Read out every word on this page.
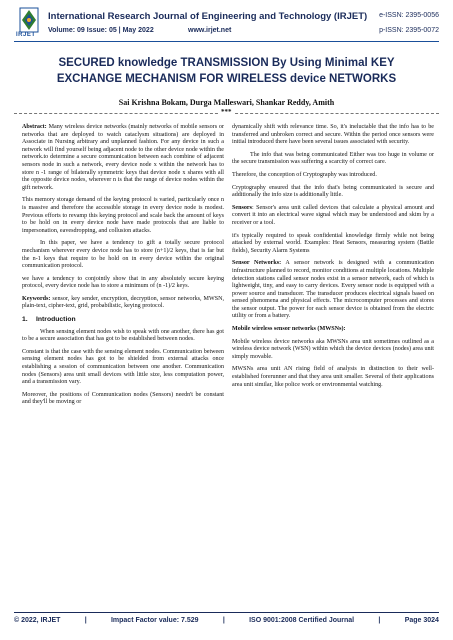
IRJET
International Research Journal of Engineering and Technology (IRJET)
Volume: 09 Issue: 05 | May 2022	www.irjet.net
e-ISSN: 2395-0056
p-ISSN: 2395-0072
SECURED knowledge TRANSMISSION By Using Minimal KEY
EXCHANGE MECHANISM FOR WIRELESS device NETWORKS
Sai Krishna Bokam, Durga Malleswari, Shankar Reddy, Amith
***

Abstract: Many wireless device networks (mainly networks of mobile sensors or networks that are deployed to watch cataclysm situations) are deployed in Associate in Nursing arbitrary and unplanned fashion. For any device in such a network will find yourself being adjacent node to the other device node within the network.to determine a secure communication between each combine of adjacent sensors node in such a network, every device node x within the network has to store n -1 range of bilaterally symmetric keys that device node x shares with all the opposite device nodes, wherever n is that the range of device nodes within the gift network.

This memory storage demand of the keying protocol is varied, particularly once n is massive and therefore the accessible storage in every device node is modest. Previous efforts to revamp this keying protocol and scale back the amount of keys to be hold on in every device node have made protocols that are liable to impersonation, eavesdropping, and collusion attacks.

In this paper, we have a tendency to gift a totally secure protocol mechanism wherever every device node has to store (n+1)/2 keys, that is far but the n-1 keys that require to be hold on in every device within the original communication protocol.

we have a tendency to conjointly show that in any absolutely secure keying protocol, every device node has to store a minimum of (n -1)/2 keys.

Keywords: sensor, key sender, encryption, decryption, sensor networks, MWSN, plain-text, cipher-text, grid, probabilistic, keying protocol.

1. Introduction

When sensing element nodes wish to speak with one another, there has got to be a secure association that has got to be established between nodes.

Constant is that the case with the sensing element nodes. Communication between sensing element nodes has got to be shielded from external attacks once establishing a session of communication between one another. Communication nodes (Sensors) area unit small devices with little size, less computation power, and a transmission vary.

Moreover, the positions of Communication nodes (Sensors) needn't be constant and they'll be moving or

dynamically shift with relevance time. So, it's ineluctable that the info has to be transferred and unbroken correct and secure. Within the period once sensors were initial introduced there have been several issues associated with security.

The info that was being communicated Either was too huge in volume or the secure transmission was suffering a scarcity of correct care.

Therefore, the conception of Cryptography was introduced.

Cryptography ensured that the info that's being communicated is secure and additionally the info size is additionally little.

Sensors: Sensor's area unit called devices that calculate a physical amount and convert it into an electrical wave signal which may be understood and skim by a receiver or a tool.

it's typically required to speak confidential knowledge firmly while not being attacked by external world. Examples: Heat Sensors, measuring system (Battle fields), Security Alarm Systems

Sensor Networks: A sensor network is designed with a communication infrastructure planned to record, monitor conditions at multiple locations. Multiple detection stations called sensor nodes exist in a sensor network, each of which is lightweight, tiny, and easy to carry devices. Every sensor node is equipped with a power source and transducer. The transducer produces electrical signals based on sensed phenomena and physical effects. The microcomputer processes and stores the sensor output. The power for each sensor device is obtained from the electric utility or from a battery.

Mobile wireless sensor networks (MWSNs):

Mobile wireless device networks aka MWSNs area unit sometimes outlined as a wireless device network (WSN) within which the device devices (nodes) area unit simply movable.

MWSNs area unit AN rising field of analysis in distinction to their well-established forerunner and that they area unit smaller. Several of their applications area unit similar, like police work or environmental watching.

© 2022, IRJET	|	Impact Factor value: 7.529	|	ISO 9001:2008 Certified Journal	|	Page 3024
